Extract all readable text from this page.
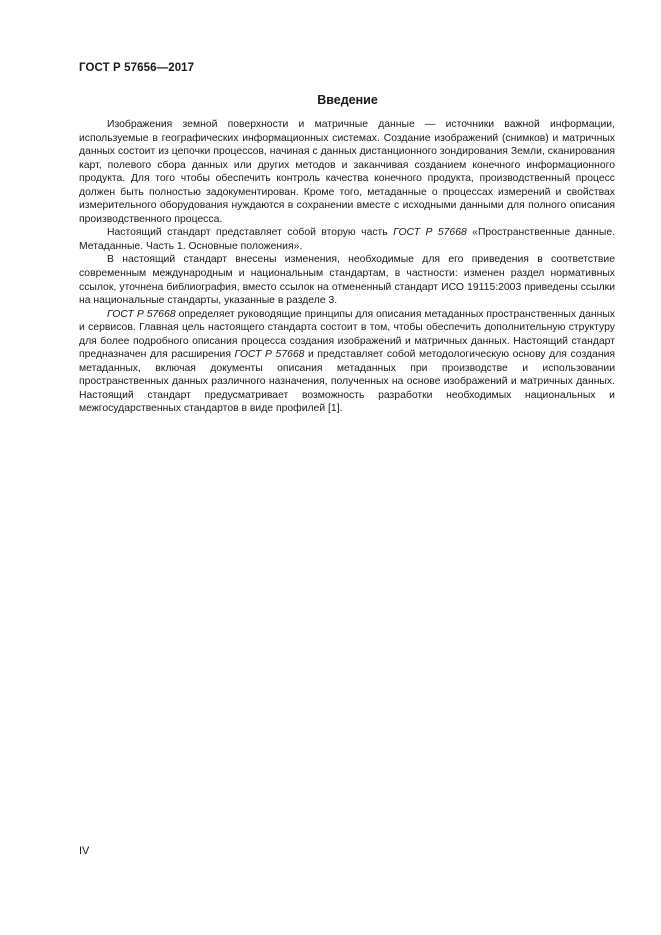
ГОСТ Р 57656—2017
Введение

Изображения земной поверхности и матричные данные — источники важной информации, используемые в географических информационных системах. Создание изображений (снимков) и матричных данных состоит из цепочки процессов, начиная с данных дистанционного зондирования Земли, сканирования карт, полевого сбора данных или других методов и заканчивая созданием конечного информационного продукта. Для того чтобы обеспечить контроль качества конечного продукта, производственный процесс должен быть полностью задокументирован. Кроме того, метаданные о процессах измерений и свойствах измерительного оборудования нуждаются в сохранении вместе с исходными данными для полного описания производственного процесса.

Настоящий стандарт представляет собой вторую часть ГОСТ Р 57668 «Пространственные данные. Метаданные. Часть 1. Основные положения».

В настоящий стандарт внесены изменения, необходимые для его приведения в соответствие современным международным и национальным стандартам, в частности: изменен раздел нормативных ссылок, уточнена библиография, вместо ссылок на отмененный стандарт ИСО 19115:2003 приведены ссылки на национальные стандарты, указанные в разделе 3.

ГОСТ Р 57668 определяет руководящие принципы для описания метаданных пространственных данных и сервисов. Главная цель настоящего стандарта состоит в том, чтобы обеспечить дополнительную структуру для более подробного описания процесса создания изображений и матричных данных. Настоящий стандарт предназначен для расширения ГОСТ Р 57668 и представляет собой методологическую основу для создания метаданных, включая документы описания метаданных при производстве и использовании пространственных данных различного назначения, полученных на основе изображений и матричных данных. Настоящий стандарт предусматривает возможность разработки необходимых национальных и межгосударственных стандартов в виде профилей [1].

IV
